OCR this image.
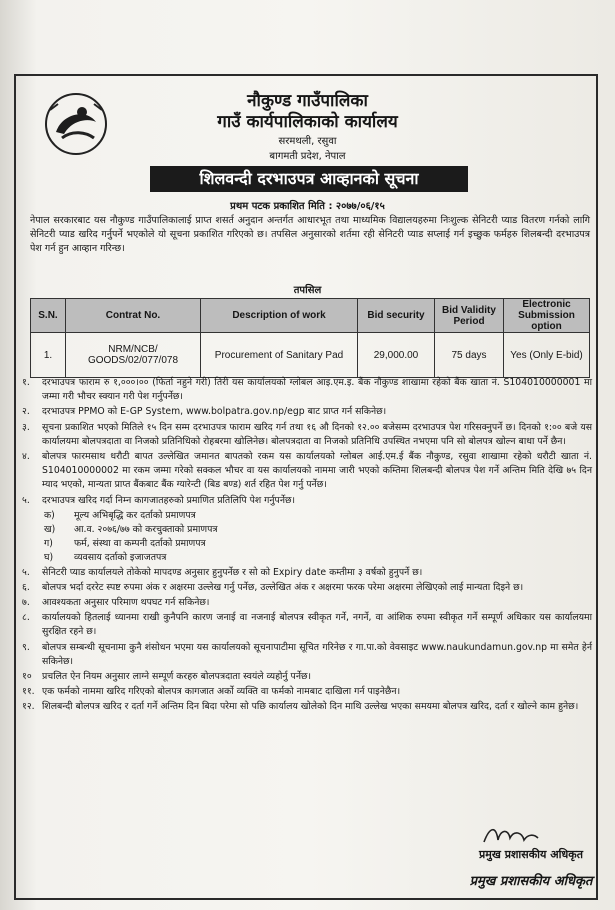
नौकुण्ड गाउँपालिका
गाउँ कार्यपालिकाको कार्यालय
सरमथली, रसुवा
बागमती प्रदेश, नेपाल
शिलवन्दी दरभाउपत्र आव्हानको सूचना
प्रथम पटक प्रकाशित मिति : २०७७/०६/१५
नेपाल सरकारबाट यस नौकुण्ड गाउँपालिकालाई प्राप्त शसर्त अनुदान अन्तर्गत आधारभूत तथा माध्यमिक विद्यालयहरुमा निःशुल्क सेनिटरी प्याड वितरण गर्नको लागि सेनिटरी प्याड खरिद गर्नुपर्ने भएकोले यो सूचना प्रकाशित गरिएको छ। तपसिल अनुसारको शर्तमा रही सेनिटरी प्याड सप्लाई गर्न इच्छुक फर्महरु शिलबन्दी दरभाउपत्र पेश गर्न हुन आव्हान गरिन्छ।
तपसिल
S.N.	Contrat No.	Description of work	Bid security	Bid Validity Period	Electronic Submission option
1.	NRM/NCB/ GOODS/02/077/078	Procurement of Sanitary Pad	29,000.00	75 days	Yes (Only E-bid)
१.	दरभाउपत्र फाराम रु १,०००।०० (फिर्ता नहुने गरी) तिरी यस कार्यालयको ग्लोबल आइ.एम.इ. बैंक नौकुण्ड शाखामा रहेको बैंक खाता नं. S104010000001 मा जम्मा गरी भौचर स्क्यान गरी पेश गर्नुपर्नेछ।
२.	दरभाउपत्र PPMO को E-GP System, www.bolpatra.gov.np/egp बाट प्राप्त गर्न सकिनेछ।
३.	सूचना प्रकाशित भएको मितिले १५ दिन सम्म दरभाउपत्र फाराम खरिद गर्न तथा १६ औ दिनको १२.०० बजेसम्म दरभाउपत्र पेश गरिसक्नुपर्ने छ। दिनको १:०० बजे यस कार्यालयमा बोलपत्रदाता वा निजको प्रतिनिधिको रोहबरमा खोलिनेछ। बोलपत्रदाता वा निजको प्रतिनिधि उपस्थित नभएमा पनि सो बोलपत्र खोल्न बाधा पर्ने छैन।
४.	बोलपत्र फारमसाथ धरौटी बापत उल्लेखित जमानत बापतको रकम यस कार्यालयको ग्लोबल आई.एम.ई बैंक नौकुण्ड, रसुवा शाखामा रहेको धरौटी खाता नं. S104010000002 मा रकम जम्मा गरेको सक्कल भौचर वा यस कार्यालयको नाममा जारी भएको कम्तिमा शिलबन्दी बोलपत्र पेश गर्ने अन्तिम मिति देखि ७५ दिन म्याद भएको, मान्यता प्राप्त बैंकबाट बैंक ग्यारेन्टी (बिड बण्ड) शर्त रहित पेश गर्नु पर्नेछ।
५.	दरभाउपत्र खरिद गर्दा निम्न कागजातहरुको प्रमाणित प्रतिलिपि पेश गर्नुपर्नेछ।
क)	मूल्य अभिबृद्धि कर दर्ताको प्रमाणपत्र
ख)	आ.व. २०७६/७७ को करचुक्ताको प्रमाणपत्र
ग)	फर्म, संस्था वा कम्पनी दर्ताको प्रमाणपत्र
घ)	व्यवसाय दर्ताको इजाजतपत्र
५.	सेनिटरी प्याड कार्यालयले तोकेको मापदण्ड अनुसार हुनुपर्नेछ र सो को Expiry date कम्तीमा ३ वर्षको हुनुपर्ने छ।
६.	बोलपत्र भर्दा दररेट स्पष्ट रुपमा अंक र अक्षरमा उल्लेख गर्नु पर्नेछ, उल्लेखित अंक र अक्षरमा फरक परेमा अक्षरमा लेखिएको लाई मान्यता दिइने छ।
७.	आवश्यकता अनुसार परिमाण थपघट गर्न सकिनेछ।
८.	कार्यालयको हितलाई ध्यानमा राखी कुनैपनि कारण जनाई वा नजनाई बोलपत्र स्वीकृत गर्ने, नगर्ने, वा आंशिक रुपमा स्वीकृत गर्ने सम्पूर्ण अधिकार यस कार्यालयमा सुरक्षित रहने छ।
९.	बोलपत्र सम्बन्धी सूचनामा कुनै शंसोधन भएमा यस कार्यालयको सूचनापाटीमा सूचित गरिनेछ र गा.पा.को वेवसाइट www.naukundamun.gov.np मा समेत हेर्न सकिनेछ।
१०	प्रचलित ऐन नियम अनुसार लाग्ने सम्पूर्ण करहरु बोलपत्रदाता स्वयंले व्यहोर्नु पर्नेछ।
११. एक फर्मको नाममा खरिद गरिएको बोलपत्र कागजात अर्को व्यक्ति वा फर्मको नामबाट दाखिला गर्न पाइनेछैन।
१२. शिलबन्दी बोलपत्र खरिद र दर्ता गर्ने अन्तिम दिन बिदा परेमा सो पछि कार्यालय खोलेको दिन माथि उल्लेख भएका समयमा बोलपत्र खरिद, दर्ता र खोल्ने काम हुनेछ।
प्रमुख प्रशासकीय अधिकृत
प्रमुख प्रशासकीय अधिकृत
